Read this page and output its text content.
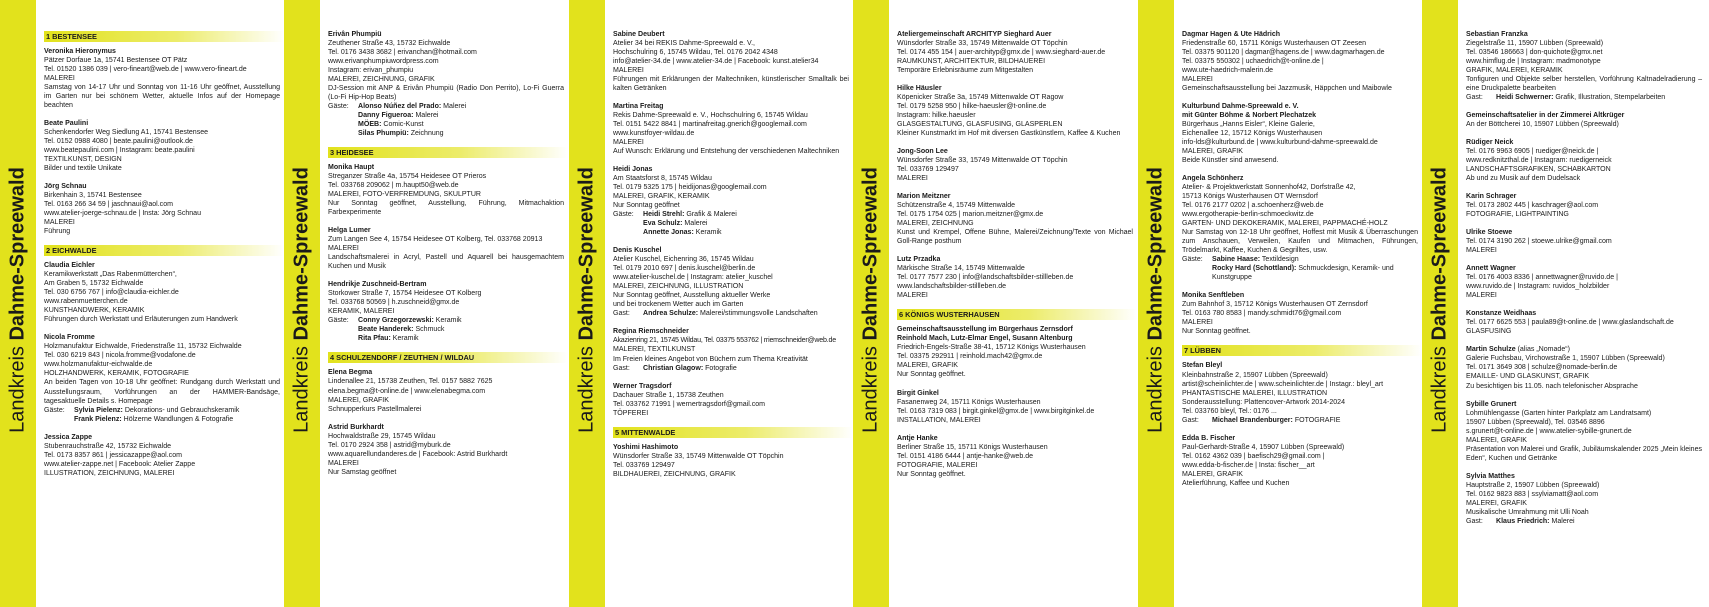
Landkreis Dahme-Spreewald
1 BESTENSEE
Veronika Hieronymus
Pätzer Dorfaue 1a, 15741 Bestensee OT Pätz
Tel. 01520 1386 039 | vero-fineart@web.de | www.vero-fineart.de
MALEREI
Samstag von 14-17 Uhr und Sonntag von 11-16 Uhr geöffnet, Ausstellung im Garten nur bei schönem Wetter, aktuelle Infos auf der Homepage beachten
Beate Paulini
Schenkendorfer Weg Siedlung A1, 15741 Bestensee
Tel. 0152 0988 4080 | beate.paulini@outlook.de
www.beatepaulini.com | Instagram: beate.paulini
TEXTILKUNST, DESIGN
Bilder und textile Unikate
Jörg Schnau
Birkenhain 3, 15741 Bestensee
Tel. 0163 266 34 59 | jaschnaui@aol.com
www.atelier-joerge-schnau.de | Insta: Jörg Schnau
MALEREI
Führung
2 EICHWALDE
Claudia Eichler
Keramikwerkstatt „Das Rabenmütterchen“,
Am Graben 5, 15732 Eichwalde
Tel. 030 6756 767 | info@claudia-eichler.de
www.rabenmuetterchen.de
KUNSTHANDWERK, KERAMIK
Führungen durch Werkstatt und Erläuterungen zum Handwerk
Nicola Fromme
Holzmanufaktur Eichwalde, Friedenstraße 11, 15732 Eichwalde
Tel. 030 6219 843 | nicola.fromme@vodafone.de
www.holzmanufaktur-eichwalde.de
HOLZHANDWERK, KERAMIK, FOTOGRAFIE
An beiden Tagen von 10-18 Uhr geöffnet: Rundgang durch Werkstatt und Ausstellungsraum, Vorführungen an der HAMMER-Bandsäge, tagesaktuelle Details s. Homepage
Gäste:	Sylvia Pielenz: Dekorations- und Gebrauchskeramik
Frank Pielenz: Hölzerne Wandlungen & Fotografie
Jessica Zappe
Stubenrauchstraße 42, 15732 Eichwalde
Tel. 0173 8357 861 | jessicazappe@aol.com
www.atelier-zappe.net | Facebook: Atelier Zappe
ILLUSTRATION, ZEICHNUNG, MALEREI
Landkreis Dahme-Spreewald
Erivân Phumpiü
Zeuthener Straße 43, 15732 Eichwalde
Tel. 0176 3438 3682 | erivanchan@hotmail.com
www.erivanphumpiuwordpress.com
Instagram: erivan_phumpiu
MALEREI, ZEICHNUNG, GRAFIK
DJ-Session mit ANP & Erivân Phumpiü (Radio Don Perrito), Lo-Fi Guerra (Lo-Fi Hip-Hop Beats)
Gäste:	Alonso Núñez del Prado: Malerei
Danny Figueroa: Malerei
MÖEB: Comic-Kunst
Silas Phumpiü: Zeichnung
3 HEIDESEE
Monika Haupt
Streganzer Straße 4a, 15754 Heidesee OT Prieros
Tel. 033768 209062 | m.haupt50@web.de
MALEREI, FOTO-VERFREMDUNG, SKULPTUR
Nur Sonntag geöffnet, Ausstellung, Führung, Mitmachaktion Farbexperimente
Helga Lumer
Zum Langen See 4, 15754 Heidesee OT Kolberg, Tel. 033768 20913
MALEREI
Landschaftsmalerei in Acryl, Pastell und Aquarell bei hausgemachtem Kuchen und Musik
Hendrikje Zuschneid-Bertram
Storkower Straße 7, 15754 Heidesee OT Kolberg
Tel. 033768 50569 | h.zuschneid@gmx.de
KERAMIK, MALEREI
Gäste:	Conny Grzegorzewski: Keramik
Beate Handerek: Schmuck
Rita Pfau: Keramik
4 SCHULZENDORF / ZEUTHEN / WILDAU
Elena Begma
Lindenallee 21, 15738 Zeuthen, Tel. 0157 5882 7625
elena.begma@t-online.de | www.elenabegma.com
MALEREI, GRAFIK
Schnupperkurs Pastellmalerei
Astrid Burkhardt
Hochwaldstraße 29, 15745 Wildau
Tel. 0170 2924 358 | astrid@myburk.de
www.aquarellundanderes.de | Facebook: Astrid Burkhardt
MALEREI
Nur Samstag geöffnet
Landkreis Dahme-Spreewald
Sabine Deubert
Atelier 34 bei REKIS Dahme-Spreewald e. V.,
Hochschulring 6, 15745 Wildau, Tel. 0176 2042 4348
info@atelier-34.de | www.atelier-34.de | Facebook: kunst.atelier34
MALEREI
Führungen mit Erklärungen der Maltechniken, künstlerischer Smalltalk bei kalten Getränken
Martina Freitag
Rekis Dahme-Spreewald e. V., Hochschulring 6, 15745 Wildau
Tel. 0151 5422 8841 | martinafreitag.gnerich@googlemail.com
www.kunstfoyer-wildau.de
MALEREI
Auf Wunsch: Erklärung und Entstehung der verschiedenen Maltechniken
Heidi Jonas
Am Staatsforst 8, 15745 Wildau
Tel. 0179 5325 175 | heidijonas@googlemail.com
MALEREI, GRAFIK, KERAMIK
Nur Sonntag geöffnet
Gäste:	Heidi Strehl: Grafik & Malerei
Eva Schulz: Malerei
Annette Jonas: Keramik
Denis Kuschel
Atelier Kuschel, Eichenring 36, 15745 Wildau
Tel. 0179 2010 697 | denis.kuschel@berlin.de
www.atelier-kuschel.de | Instagram: atelier_kuschel
MALEREI, ZEICHNUNG, ILLUSTRATION
Nur Sonntag geöffnet, Ausstellung aktueller Werke
und bei trockenem Wetter auch im Garten
Gast:	Andrea Schulze: Malerei/stimmungsvolle Landschaften
Regina Riemschneider
Akazienring 21, 15745 Wildau, Tel. 03375 553762 | rriemschneider@web.de
MALEREI, TEXTILKUNST
Im Freien kleines Angebot von Büchern zum Thema Kreativität
Gast:	Christian Glagow: Fotografie
Werner Tragsdorf
Dachauer Straße 1, 15738 Zeuthen
Tel. 033762 71991 | wernertragsdorf@gmail.com
TÖPFEREI
5 MITTENWALDE
Yoshimi Hashimoto
Wünsdorfer Straße 33, 15749 Mittenwalde OT Töpchin
Tel. 033769 129497
BILDHAUEREI, ZEICHNUNG, GRAFIK
Landkreis Dahme-Spreewald
Ateliergemeinschaft ARCHITYP Sieghard Auer
Wünsdorfer Straße 33, 15749 Mittenwalde OT Töpchin
Tel. 0174 455 154 | auer-archityp@gmx.de | www.sieghard-auer.de
RAUMKUNST, ARCHITEKTUR, BILDHAUEREI
Temporäre Erlebnisräume zum Mitgestalten
Hilke Häusler
Köpenicker Straße 3a, 15749 Mittenwalde OT Ragow
Tel. 0179 5258 950 | hilke-haeusler@t-online.de
Instagram: hilke.haeusler
GLASGESTALTUNG, GLASFUSING, GLASPERLEN
Kleiner Kunstmarkt im Hof mit diversen Gastkünstlern, Kaffee & Kuchen
Jong-Soon Lee
Wünsdorfer Straße 33, 15749 Mittenwalde OT Töpchin
Tel. 033769 129497
MALEREI
Marion Meitzner
Schützenstraße 4, 15749 Mittenwalde
Tel. 0175 1754 025 | marion.meitzner@gmx.de
MALEREI, ZEICHNUNG
Kunst und Krempel, Offene Bühne, Malerei/Zeichnung/Texte von Michael Goll-Range posthum
Lutz Przadka
Märkische Straße 14, 15749 Mittenwalde
Tel. 0177 7577 230 | info@landschaftsbilder-stillleben.de
www.landschaftsbilder-stillleben.de
MALEREI
6 KÖNIGS WUSTERHAUSEN
Gemeinschaftsausstellung im Bürgerhaus Zernsdorf
Reinhold Mach, Lutz-Elmar Engel, Susann Altenburg
Friedrich-Engels-Straße 38-41, 15712 Königs Wusterhausen
Tel. 03375 292911 | reinhold.mach42@gmx.de
MALEREI, GRAFIK
Nur Sonntag geöffnet.
Birgit Ginkel
Fasanenweg 24, 15711 Königs Wusterhausen
Tel. 0163 7319 083 | birgit.ginkel@gmx.de | www.birgitginkel.de
INSTALLATION, MALEREI
Antje Hanke
Berliner Straße 15, 15711 Königs Wusterhausen
Tel. 0151 4186 6444 | antje-hanke@web.de
FOTOGRAFIE, MALEREI
Nur Sonntag geöffnet.
Landkreis Dahme-Spreewald
Dagmar Hagen & Ute Hädrich
Friedenstraße 60, 15711 Königs Wusterhausen OT Zeesen
Tel. 03375 901120 | dagmar@hagens.de | www.dagmarhagen.de
Tel. 03375 550302 | uchaedrich@t-online.de |
www.ute-haedrich-malerin.de
MALEREI
Gemeinschaftsausstellung bei Jazzmusik, Häppchen und Maibowle
Kulturbund Dahme-Spreewald e. V.
mit Günter Böhme & Norbert Plechatzek
Bürgerhaus „Hanns Eisler“, Kleine Galerie,
Eichenallee 12, 15712 Königs Wusterhausen
info-lds@kulturbund.de | www.kulturbund-dahme-spreewald.de
MALEREI, GRAFIK
Beide Künstler sind anwesend.
Angela Schönherz
Atelier- & Projektwerkstatt Sonnenhof42, Dorfstraße 42,
15713 Königs Wusterhausen OT Wernsdorf
Tel. 0176 2177 0202 | a.schoenherz@web.de
www.ergotherapie-berlin-schmoeckwitz.de
GARTEN- UND DEKOKERAMIK, MALEREI, PAPPMACHÉ-HOLZ
Nur Samstag von 12-18 Uhr geöffnet, Hoffest mit Musik & Überraschungen zum Anschauen, Verweilen, Kaufen und Mitmachen, Führungen, Trödelmarkt, Kaffee, Kuchen & Gegrilltes, usw.
Gäste:	Sabine Haase: Textildesign
Rocky Hard (Schottland): Schmuckdesign, Keramik- und Kunstgruppe
Monika Senftleben
Zum Bahnhof 3, 15712 Königs Wusterhausen OT Zernsdorf
Tel. 0163 780 8583 | mandy.schmidt76@gmail.com
MALEREI
Nur Sonntag geöffnet.
7 LÜBBEN
Stefan Bleyl
Kleinbahnstraße 2, 15907 Lübben (Spreewald)
artist@scheinlichter.de | www.scheinlichter.de | Instagr.: bleyl_art
PHANTASTISCHE MALEREI, ILLUSTRATION
Sonderausstellung: Plattencover-Artwork 2014-2024
Tel. 033760 bleyl, Tel.: 0176 ...
Gast:	Michael Brandenburger: FOTOGRAFIE
Edda B. Fischer
Paul-Gerhardt-Straße 4, 15907 Lübben (Spreewald)
Tel. 0162 4362 039 | baefisch29@gmail.com |
www.edda-b-fischer.de | Insta: fischer__art
MALEREI, GRAFIK
Atelierführung, Kaffee und Kuchen
Landkreis Dahme-Spreewald
Sebastian Franzka
Ziegelstraße 11, 15907 Lübben (Spreewald)
Tel. 03546 186663 | don-quichote@gmx.net
www.himflug.de | Instagram: madmonotype
GRAFIK, MALEREI, KERAMIK
Tonfiguren und Objekte selber herstellen, Vorführung Kaltnadelradierung – eine Druckpalette bearbeiten
Gast:	Heidi Schwerner: Grafik, Illustration, Stempelarbeiten
Gemeinschaftsatelier in der Zimmerei Altkrüger
An der Böttcherei 10, 15907 Lübben (Spreewald)
Rüdiger Neick
Tel. 0176 9963 6905 | ruediger@neick.de |
www.redknitzthal.de | Instagram: ruedigerneick
LANDSCHAFTSGRAFIKEN, SCHABKARTON
Ab und zu Musik auf dem Dudelsack
Karin Schrager
Tel. 0173 2802 445 | kaschrager@aol.com
FOTOGRAFIE, LIGHTPAINTING
Ulrike Stoewe
Tel. 0174 3190 262 | stoewe.ulrike@gmail.com
MALEREI
Annett Wagner
Tel. 0176 4003 8336 | annettwagner@ruvido.de |
www.ruvido.de | Instagram: ruvidos_holzbilder
MALEREI
Konstanze Weidhaas
Tel. 0177 6625 553 | paula89@t-online.de | www.glaslandschaft.de
GLASFUSING
Martin Schulze (alias „Nomade“)
Galerie Fuchsbau, Virchowstraße 1, 15907 Lübben (Spreewald)
Tel. 0171 3649 308 | schulze@nomade-berlin.de
EMAILLE- UND GLASKUNST, GRAFIK
Zu besichtigen bis 11.05. nach telefonischer Absprache
Sybille Grunert
Lohmühlengasse (Garten hinter Parkplatz am Landratsamt)
15907 Lübben (Spreewald), Tel. 03546 8896
s.grunert@t-online.de | www.atelier-sybille-grunert.de
MALEREI, GRAFIK
Präsentation von Malerei und Grafik, Jubiläumskalender 2025 „Mein kleines Eden“, Kuchen und Getränke
Sylvia Matthes
Hauptstraße 2, 15907 Lübben (Spreewald)
Tel. 0162 9823 883 | ssylviamatt@aol.com
MALEREI, GRAFIK
Musikalische Umrahmung mit Ulli Noah
Gast:	Klaus Friedrich: Malerei
